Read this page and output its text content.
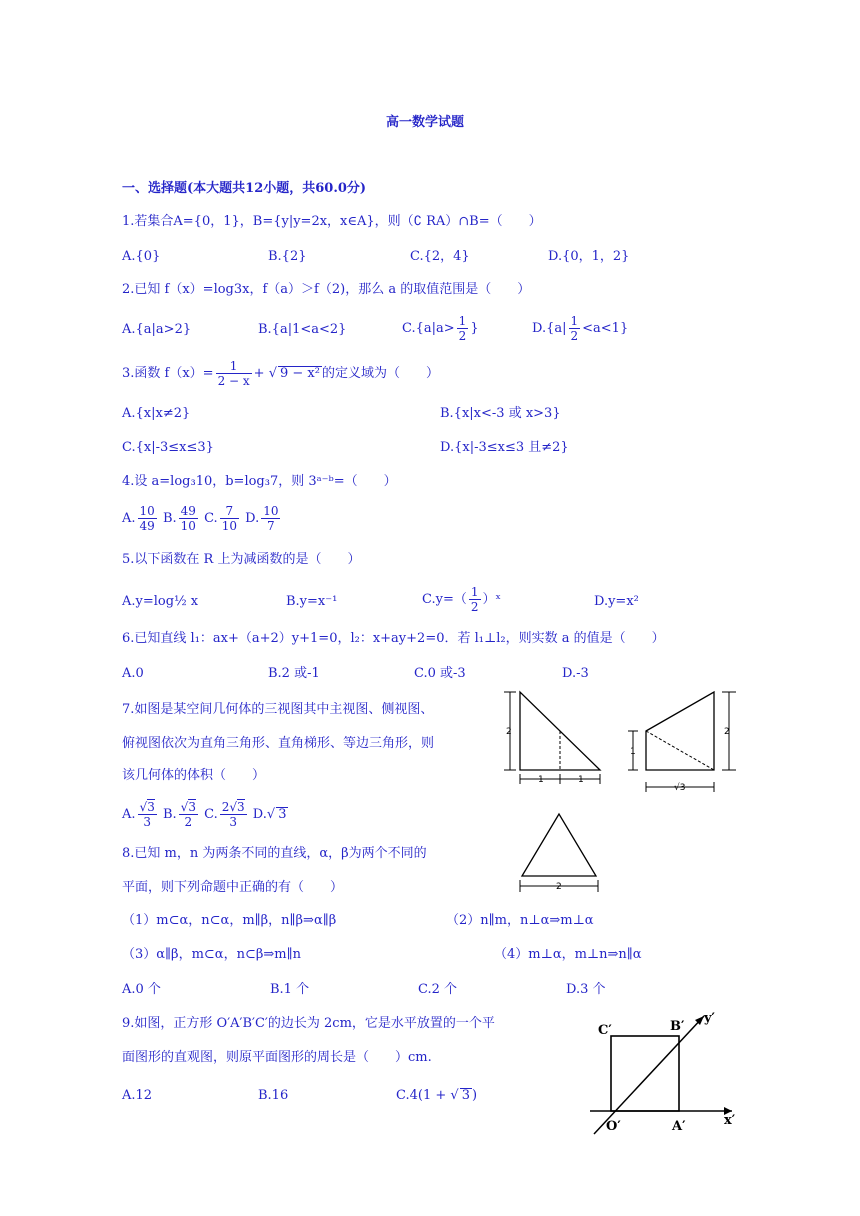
高一数学试题
一、选择题(本大题共12小题，共60.0分)
1.若集合A={0，1}，B={y|y=2x，x∈A}，则（∁ RA）∩B=（　　）
A.{0}	B.{2}	C.{2，4}	D.{0，1，2}
2.已知 f（x）=log3x，f（a）＞f（2)，那么 a 的取值范围是（　　）
A.{a|a>2}	B.{a|1<a<2}	$C.\{a|a> \frac{1}{2}$ }	$D.\{a| \frac{1}{2} <a<1\}$
3.函数 $f(x)= \frac{1}{2 - x}$ + √ 9 − x² 的定义域为（　　）
A.{x|x≠2}	B.{x|x<-3 或 x>3}
C.{x|-3≤x≤3}	D.{x|-3≤x≤3 且≠2}
4.设 a=log₃10，b=log₃7，则 3ᵃ⁻ᵇ=（　　）
A. $\frac{10}{49} B$. $\frac{49}{10} C$. $\frac{7}{10} D$. $\frac{10}{7}$
5.以下函数在 R 上为减函数的是（　　）
A.y=log½ x	B.y=x⁻¹	$C.y=( \frac{1}{2}$ ）ˣ	D.y=x²
6.已知直线 l₁：ax+（a+2）y+1=0，l₂：x+ay+2=0．若 l₁⊥l₂，则实数 a 的值是（　　）
A.0	B.2 或-1	C.0 或-3	D.-3
7.如图是某空间几何体的三视图其中主视图、侧视图、
俯视图依次为直角三角形、直角梯形、等边三角形，则
该几何体的体积（　　）
A. $\frac{√3}{3} B$. $\frac{√3}{2} C$. $\frac{2√3}{3} D.√$ 3
2
1	1
1
2
√3
2
8.已知 m，n 为两条不同的直线，α，β为两个不同的
平面，则下列命题中正确的有（　　）
（1）m⊂α，n⊂α，m∥β，n∥β⇒α∥β	（2）n∥m，n⊥α⇒m⊥α
（3）α∥β，m⊂α，n⊂β⇒m∥n	（4）m⊥α，m⊥n⇒n∥α
A.0 个	B.1 个	C.2 个	D.3 个
9.如图，正方形 O′A′B′C′的边长为 2cm，它是水平放置的一个平
面图形的直观图，则原平面图形的周长是（　　）cm.
A.12	B.16	C.4(1 + √ 3 )
C′	B′
O′	A′	x′
y′
